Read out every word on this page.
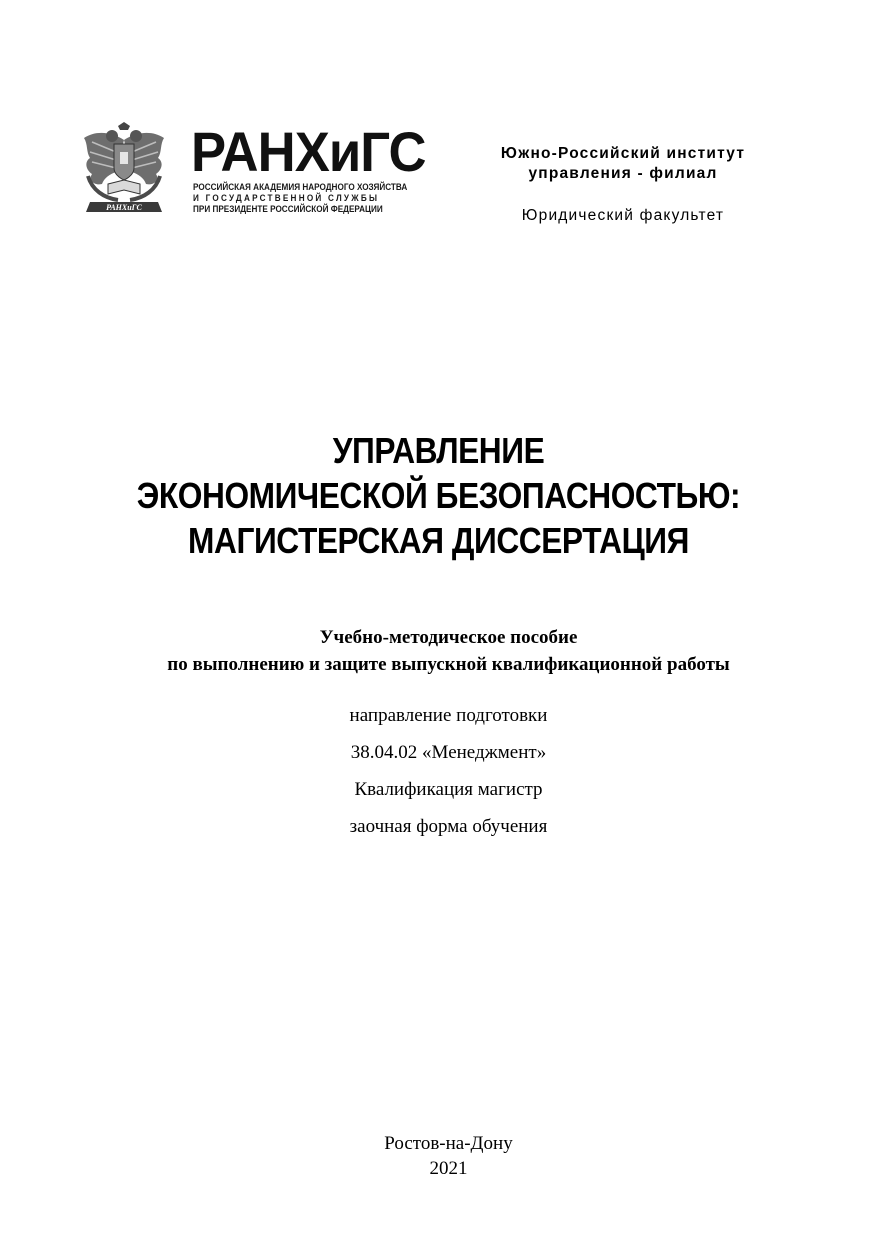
РАНХиГС
РАНХиГС
РОССИЙСКАЯ АКАДЕМИЯ НАРОДНОГО ХОЗЯЙСТВА
И ГОСУДАРСТВЕННОЙ СЛУЖБЫ
ПРИ ПРЕЗИДЕНТЕ РОССИЙСКОЙ ФЕДЕРАЦИИ
Южно-Российский институт
управления - филиал
Юридический факультет
УПРАВЛЕНИЕ
ЭКОНОМИЧЕСКОЙ БЕЗОПАСНОСТЬЮ:
МАГИСТЕРСКАЯ ДИССЕРТАЦИЯ
Учебно-методическое пособие
по выполнению и защите выпускной квалификационной работы
направление подготовки
38.04.02 «Менеджмент»
Квалификация магистр
заочная форма обучения
Ростов-на-Дону
2021
